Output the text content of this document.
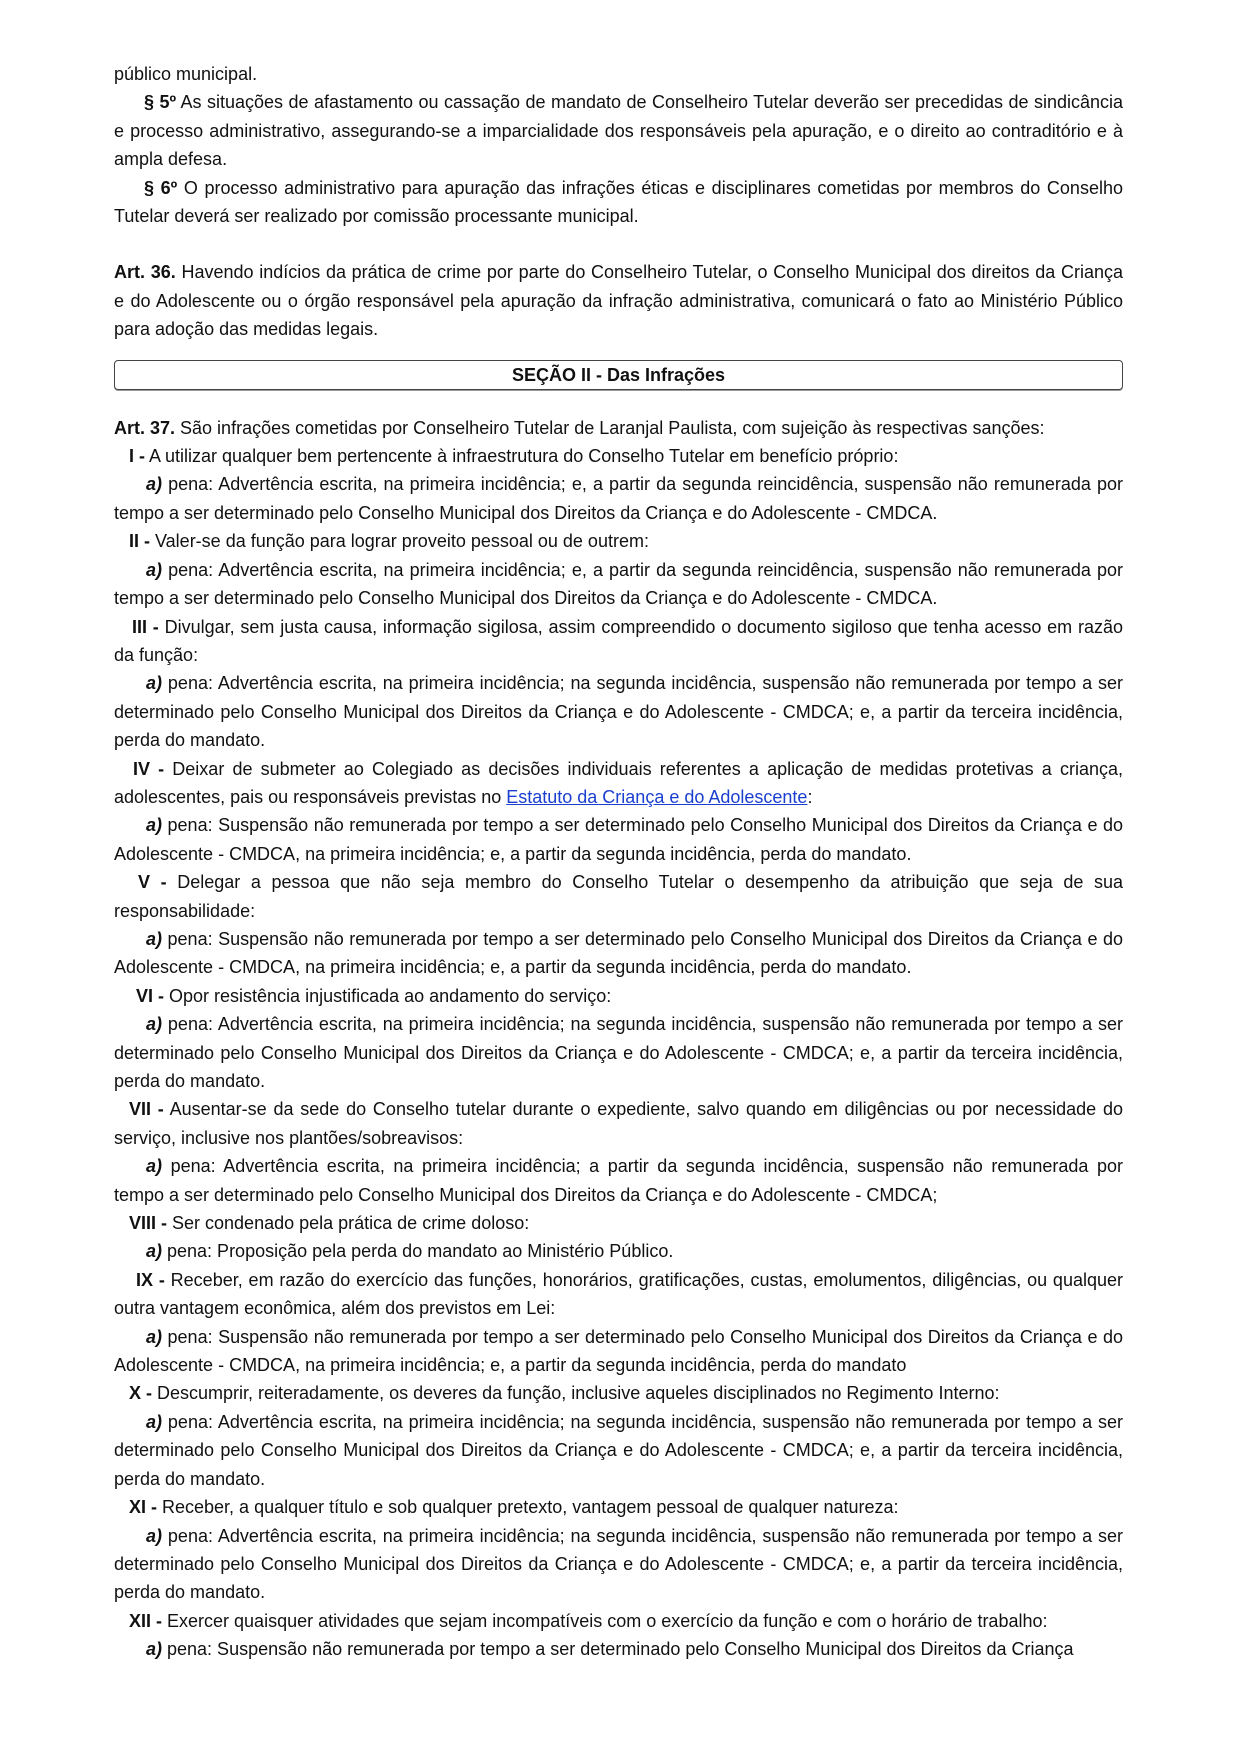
público municipal.

§ 5º As situações de afastamento ou cassação de mandato de Conselheiro Tutelar deverão ser precedidas de sindicância e processo administrativo, assegurando-se a imparcialidade dos responsáveis pela apuração, e o direito ao contraditório e à ampla defesa.

§ 6º O processo administrativo para apuração das infrações éticas e disciplinares cometidas por membros do Conselho Tutelar deverá ser realizado por comissão processante municipal.

Art. 36. Havendo indícios da prática de crime por parte do Conselheiro Tutelar, o Conselho Municipal dos direitos da Criança e do Adolescente ou o órgão responsável pela apuração da infração administrativa, comunicará o fato ao Ministério Público para adoção das medidas legais.

SEÇÃO II - Das Infrações

Art. 37. São infrações cometidas por Conselheiro Tutelar de Laranjal Paulista, com sujeição às respectivas sanções:

I - A utilizar qualquer bem pertencente à infraestrutura do Conselho Tutelar em benefício próprio:

a) pena: Advertência escrita, na primeira incidência; e, a partir da segunda reincidência, suspensão não remunerada por tempo a ser determinado pelo Conselho Municipal dos Direitos da Criança e do Adolescente - CMDCA.

II - Valer-se da função para lograr proveito pessoal ou de outrem:

a) pena: Advertência escrita, na primeira incidência; e, a partir da segunda reincidência, suspensão não remunerada por tempo a ser determinado pelo Conselho Municipal dos Direitos da Criança e do Adolescente - CMDCA.

III - Divulgar, sem justa causa, informação sigilosa, assim compreendido o documento sigiloso que tenha acesso em razão da função:

a) pena: Advertência escrita, na primeira incidência; na segunda incidência, suspensão não remunerada por tempo a ser determinado pelo Conselho Municipal dos Direitos da Criança e do Adolescente - CMDCA; e, a partir da terceira incidência, perda do mandato.

IV - Deixar de submeter ao Colegiado as decisões individuais referentes a aplicação de medidas protetivas a criança, adolescentes, pais ou responsáveis previstas no Estatuto da Criança e do Adolescente:

a) pena: Suspensão não remunerada por tempo a ser determinado pelo Conselho Municipal dos Direitos da Criança e do Adolescente - CMDCA, na primeira incidência; e, a partir da segunda incidência, perda do mandato.

V - Delegar a pessoa que não seja membro do Conselho Tutelar o desempenho da atribuição que seja de sua responsabilidade:

a) pena: Suspensão não remunerada por tempo a ser determinado pelo Conselho Municipal dos Direitos da Criança e do Adolescente - CMDCA, na primeira incidência; e, a partir da segunda incidência, perda do mandato.

VI - Opor resistência injustificada ao andamento do serviço:

a) pena: Advertência escrita, na primeira incidência; na segunda incidência, suspensão não remunerada por tempo a ser determinado pelo Conselho Municipal dos Direitos da Criança e do Adolescente - CMDCA; e, a partir da terceira incidência, perda do mandato.

VII - Ausentar-se da sede do Conselho tutelar durante o expediente, salvo quando em diligências ou por necessidade do serviço, inclusive nos plantões/sobreavisos:

a) pena: Advertência escrita, na primeira incidência; a partir da segunda incidência, suspensão não remunerada por tempo a ser determinado pelo Conselho Municipal dos Direitos da Criança e do Adolescente - CMDCA;

VIII - Ser condenado pela prática de crime doloso:

a) pena: Proposição pela perda do mandato ao Ministério Público.

IX - Receber, em razão do exercício das funções, honorários, gratificações, custas, emolumentos, diligências, ou qualquer outra vantagem econômica, além dos previstos em Lei:

a) pena: Suspensão não remunerada por tempo a ser determinado pelo Conselho Municipal dos Direitos da Criança e do Adolescente - CMDCA, na primeira incidência; e, a partir da segunda incidência, perda do mandato

X - Descumprir, reiteradamente, os deveres da função, inclusive aqueles disciplinados no Regimento Interno:

a) pena: Advertência escrita, na primeira incidência; na segunda incidência, suspensão não remunerada por tempo a ser determinado pelo Conselho Municipal dos Direitos da Criança e do Adolescente - CMDCA; e, a partir da terceira incidência, perda do mandato.

XI - Receber, a qualquer título e sob qualquer pretexto, vantagem pessoal de qualquer natureza:

a) pena: Advertência escrita, na primeira incidência; na segunda incidência, suspensão não remunerada por tempo a ser determinado pelo Conselho Municipal dos Direitos da Criança e do Adolescente - CMDCA; e, a partir da terceira incidência, perda do mandato.

XII - Exercer quaisquer atividades que sejam incompatíveis com o exercício da função e com o horário de trabalho:

a) pena: Suspensão não remunerada por tempo a ser determinado pelo Conselho Municipal dos Direitos da Criança
